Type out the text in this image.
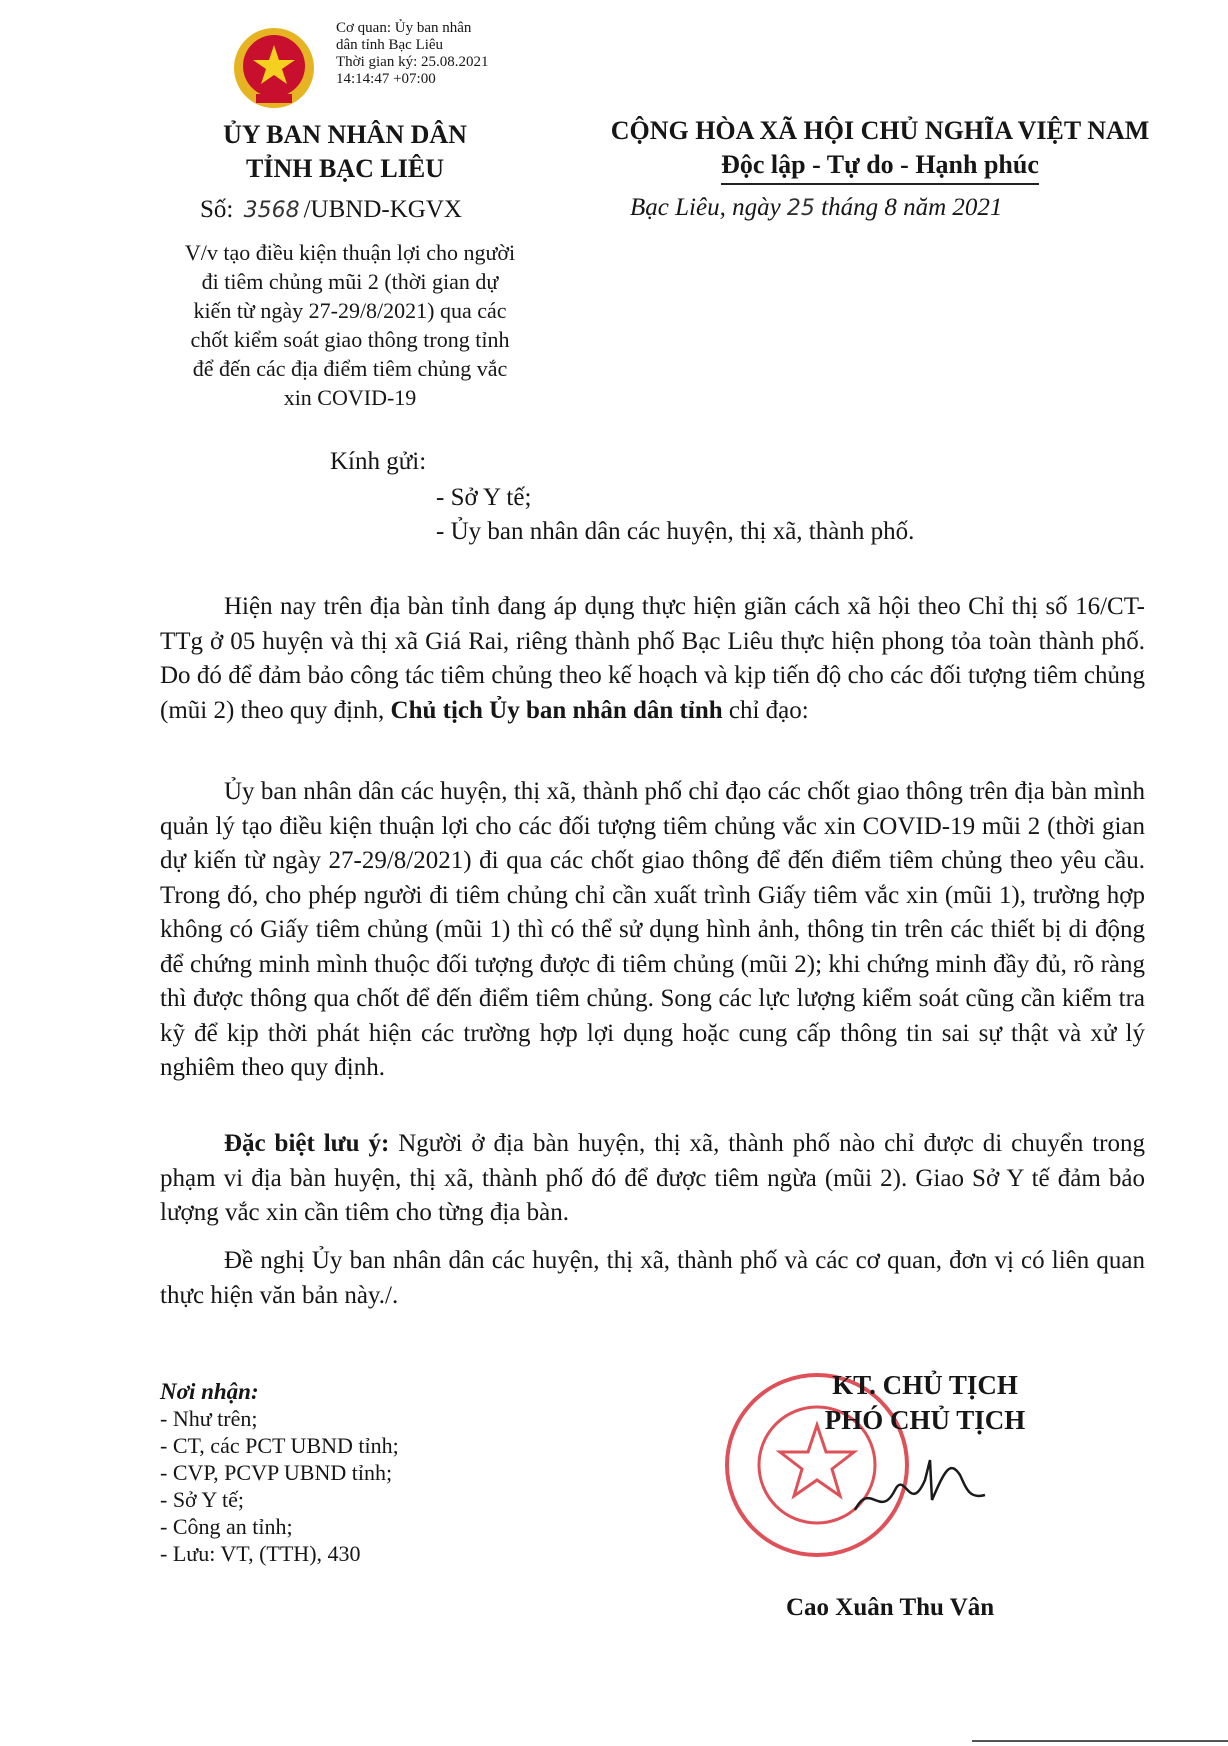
Cơ quan: Ủy ban nhân
dân tỉnh Bạc Liêu
Thời gian ký: 25.08.2021
14:14:47 +07:00
ỦY BAN NHÂN DÂN
TỈNH BẠC LIÊU
CỘNG HÒA XÃ HỘI CHỦ NGHĨA VIỆT NAM
Độc lập - Tự do - Hạnh phúc
Số: 3568 /UBND-KGVX	Bạc Liêu, ngày 25 tháng 8 năm 2021
V/v tạo điều kiện thuận lợi cho người
đi tiêm chủng mũi 2 (thời gian dự
kiến từ ngày 27-29/8/2021) qua các
chốt kiểm soát giao thông trong tỉnh
để đến các địa điểm tiêm chủng vắc
xin COVID-19
Kính gửi:
- Sở Y tế;
- Ủy ban nhân dân các huyện, thị xã, thành phố.
Hiện nay trên địa bàn tỉnh đang áp dụng thực hiện giãn cách xã hội theo Chỉ thị số 16/CT-TTg ở 05 huyện và thị xã Giá Rai, riêng thành phố Bạc Liêu thực hiện phong tỏa toàn thành phố. Do đó để đảm bảo công tác tiêm chủng theo kế hoạch và kịp tiến độ cho các đối tượng tiêm chủng (mũi 2) theo quy định, Chủ tịch Ủy ban nhân dân tỉnh chỉ đạo:
Ủy ban nhân dân các huyện, thị xã, thành phố chỉ đạo các chốt giao thông trên địa bàn mình quản lý tạo điều kiện thuận lợi cho các đối tượng tiêm chủng vắc xin COVID-19 mũi 2 (thời gian dự kiến từ ngày 27-29/8/2021) đi qua các chốt giao thông để đến điểm tiêm chủng theo yêu cầu. Trong đó, cho phép người đi tiêm chủng chỉ cần xuất trình Giấy tiêm vắc xin (mũi 1), trường hợp không có Giấy tiêm chủng (mũi 1) thì có thể sử dụng hình ảnh, thông tin trên các thiết bị di động để chứng minh mình thuộc đối tượng được đi tiêm chủng (mũi 2); khi chứng minh đầy đủ, rõ ràng thì được thông qua chốt để đến điểm tiêm chủng. Song các lực lượng kiểm soát cũng cần kiểm tra kỹ để kịp thời phát hiện các trường hợp lợi dụng hoặc cung cấp thông tin sai sự thật và xử lý nghiêm theo quy định.
Đặc biệt lưu ý: Người ở địa bàn huyện, thị xã, thành phố nào chỉ được di chuyển trong phạm vi địa bàn huyện, thị xã, thành phố đó để được tiêm ngừa (mũi 2). Giao Sở Y tế đảm bảo lượng vắc xin cần tiêm cho từng địa bàn.
Đề nghị Ủy ban nhân dân các huyện, thị xã, thành phố và các cơ quan, đơn vị có liên quan thực hiện văn bản này./.
Nơi nhận:
- Như trên;
- CT, các PCT UBND tỉnh;
- CVP, PCVP UBND tỉnh;
- Sở Y tế;
- Công an tỉnh;
- Lưu: VT, (TTH), 430
KT. CHỦ TỊCH
PHÓ CHỦ TỊCH
Cao Xuân Thu Vân
